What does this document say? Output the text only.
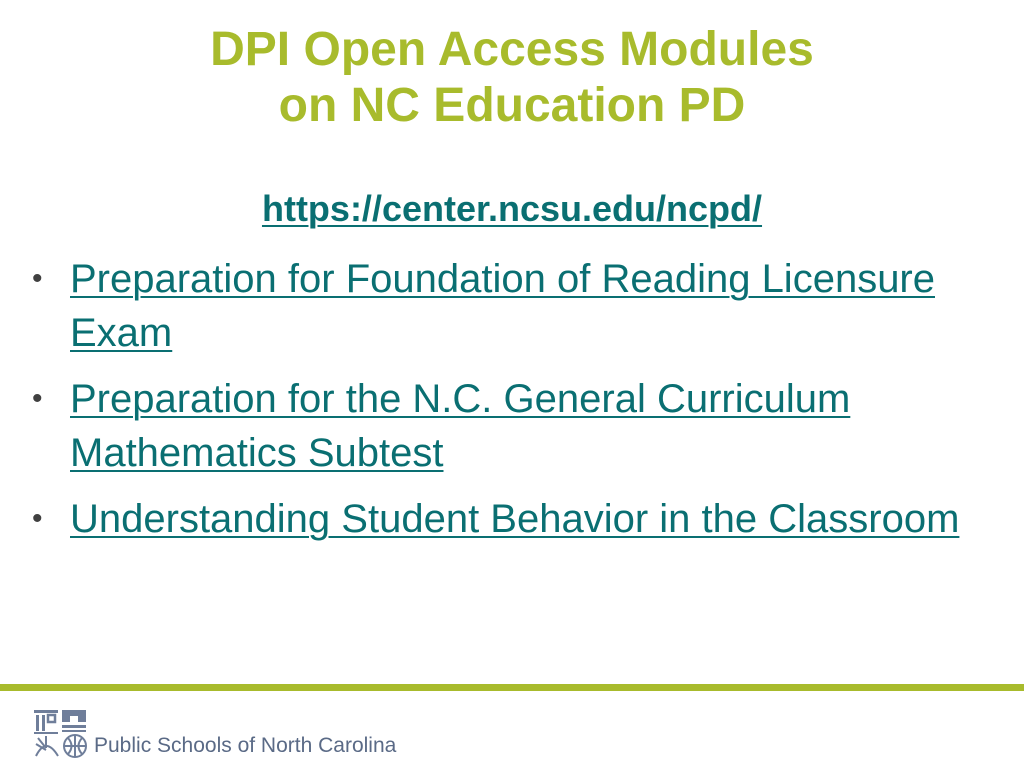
DPI Open Access Modules
on NC Education PD
https://center.ncsu.edu/ncpd/
• Preparation for Foundation of Reading Licensure Exam
• Preparation for the N.C. General Curriculum Mathematics Subtest
• Understanding Student Behavior in the Classroom
Public Schools of North Carolina
